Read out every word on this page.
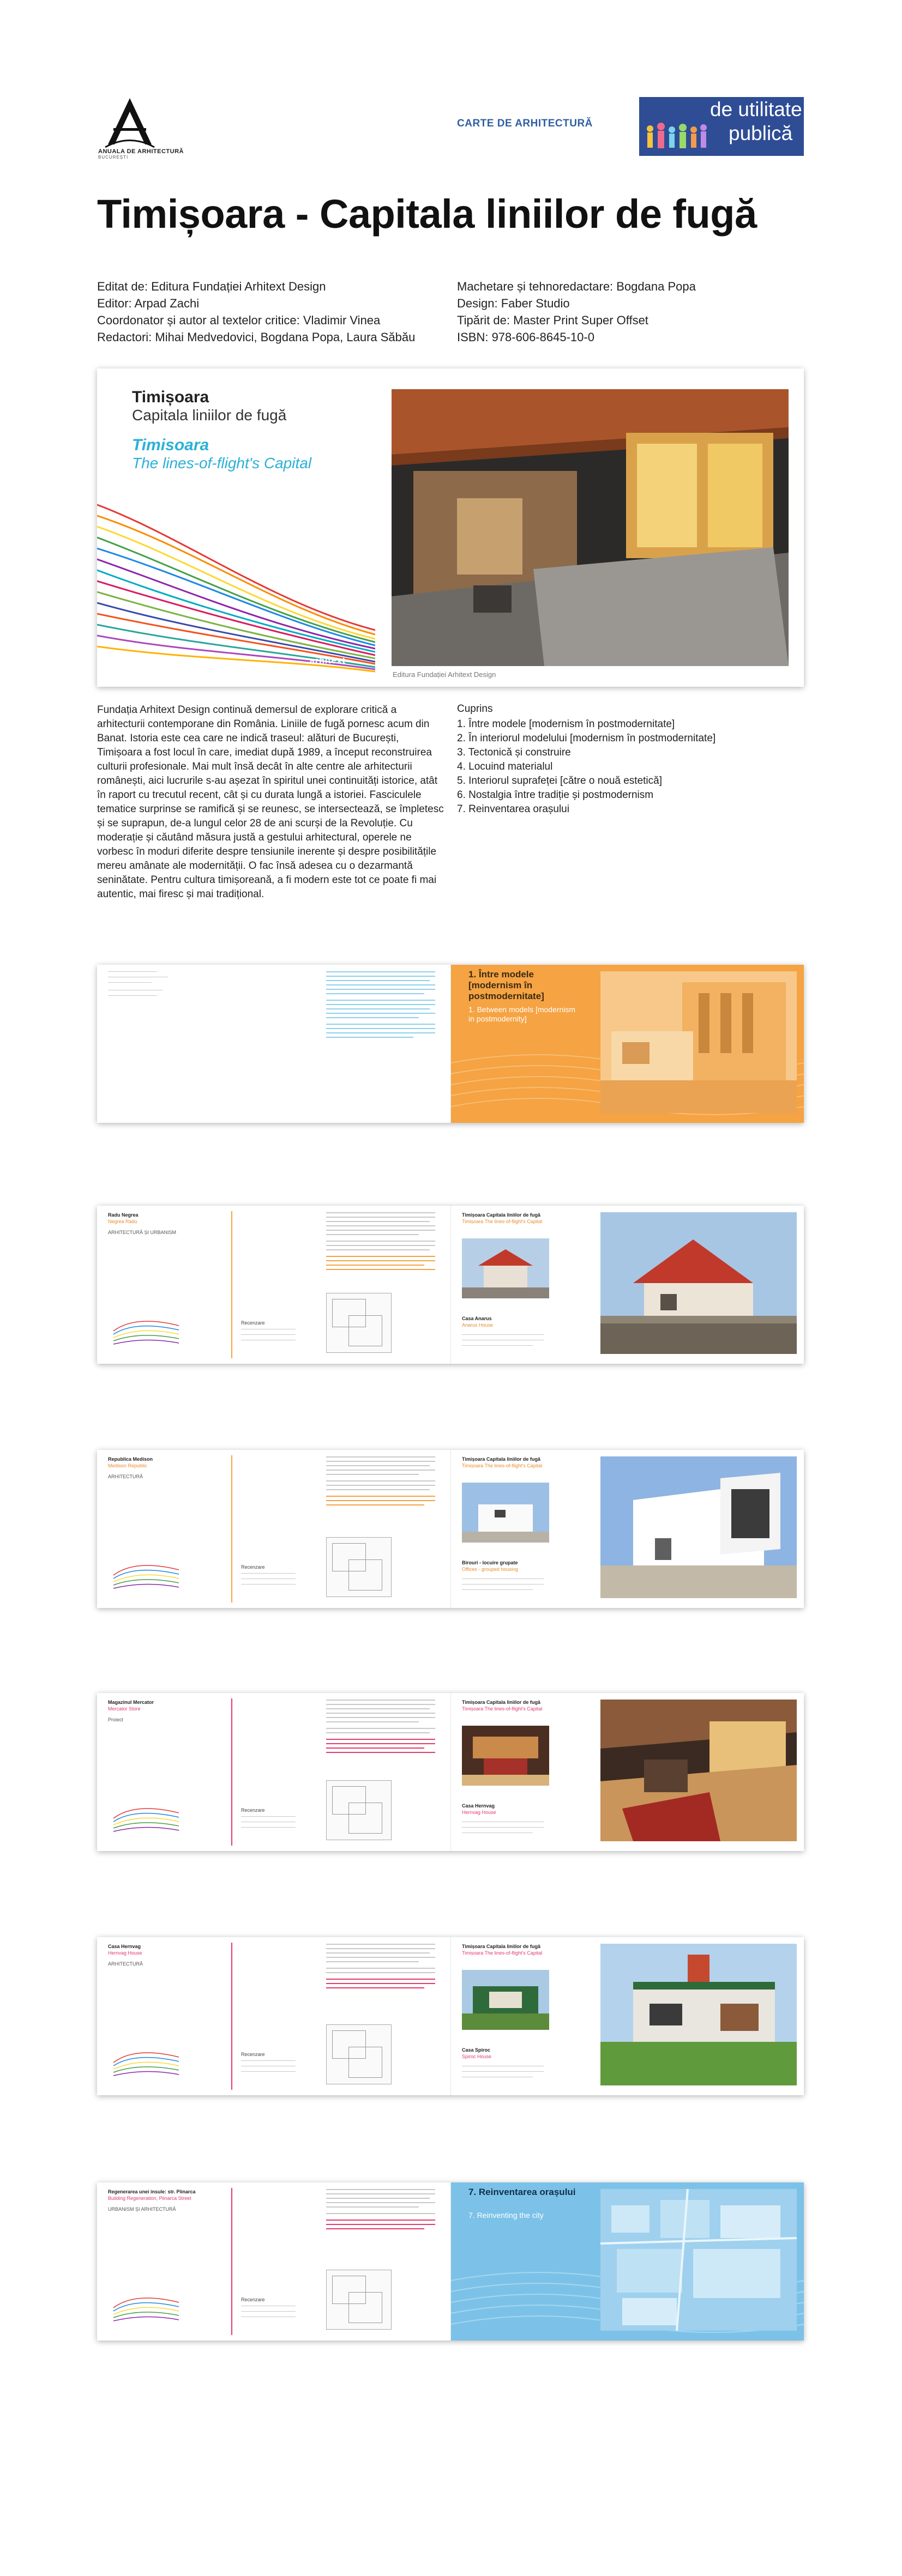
ANUALA DE ARHITECTURĂ
BUCUREȘTI
CARTE DE ARHITECTURĂ
de utilitate
publică
Timișoara - Capitala liniilor de fugă
Editat de: Editura Fundației Arhitext Design
Editor: Arpad Zachi
Coordonator și autor al textelor critice: Vladimir Vinea
Redactori: Mihai Medvedovici, Bogdana Popa, Laura Săbău
Machetare și tehnoredactare: Bogdana Popa
Design: Faber Studio
Tipărit de: Master Print Super Offset
ISBN: 978-606-8645-10-0
Timișoara
Capitala liniilor de fugă
Timisoara
The lines-of-flight's Capital
arhitext
Editura Fundației Arhitext Design

Fundația Arhitext Design continuă demersul de explorare critică a arhitecturii contemporane din România. Liniile de fugă pornesc acum din Banat. Istoria este cea care ne indică traseul: alături de București, Timișoara a fost locul în care, imediat după 1989, a început reconstruirea culturii profesionale. Mai mult însă decât în alte centre ale arhitecturii românești, aici lucrurile s-au așezat în spiritul unei continuități istorice, atât în raport cu trecutul recent, cât și cu durata lungă a istoriei. Fasciculele tematice surprinse se ramifică și se reunesc, se intersectează, se împletesc și se suprapun, de-a lungul celor 28 de ani scurși de la Revoluție. Cu moderație și căutând măsura justă a gestului arhitectural, operele ne vorbesc în moduri diferite despre tensiunile inerente și despre posibilitățile mereu amânate ale modernității. O fac însă adesea cu o dezarmantă seninătate. Pentru cultura timișoreană, a fi modern este tot ce poate fi mai autentic, mai firesc și mai tradițional.

Cuprins
1. Între modele [modernism în postmodernitate]
2. În interiorul modelului [modernism în postmodernitate]
3. Tectonică și construire
4. Locuind materialul
5. Interiorul suprafeței [către o nouă estetică]
6. Nostalgia între tradiție și postmodernism
7. Reinventarea orașului
1. Între modele [modernism în postmodernitate]
1. Between models [modernism in postmodernity]
Radu Negrea
Negrea Radu
ARHITECTURĂ ȘI URBANISM
Recenzare
Timișoara Capitala liniilor de fugă
Timișoara The lines-of-flight's Capital
Casa Anarus
Anarus House
Republica Medison
Medison Republic
ARHITECTURĂ
Recenzare
Timișoara Capitala liniilor de fugă
Timișoara The lines-of-flight's Capital
Birouri - locuire grupate
Offices - grouped housing
Magazinul Mercator
Mercator Store
Proiect
Recenzare
Timișoara Capitala liniilor de fugă
Timișoara The lines-of-flight's Capital
Casa Hernvag
Hernvag House
Casa Hernvag
Hernvag House
ARHITECTURĂ
Recenzare
Timișoara Capitala liniilor de fugă
Timișoara The lines-of-flight's Capital
Casa Spiroc
Spiroc House
Regenerarea unei insule: str. Piinarca
Building Regeneration, Piinarca Street
URBANISM ȘI ARHITECTURĂ
Recenzare
7. Reinventarea orașului
7. Reinventing the city
